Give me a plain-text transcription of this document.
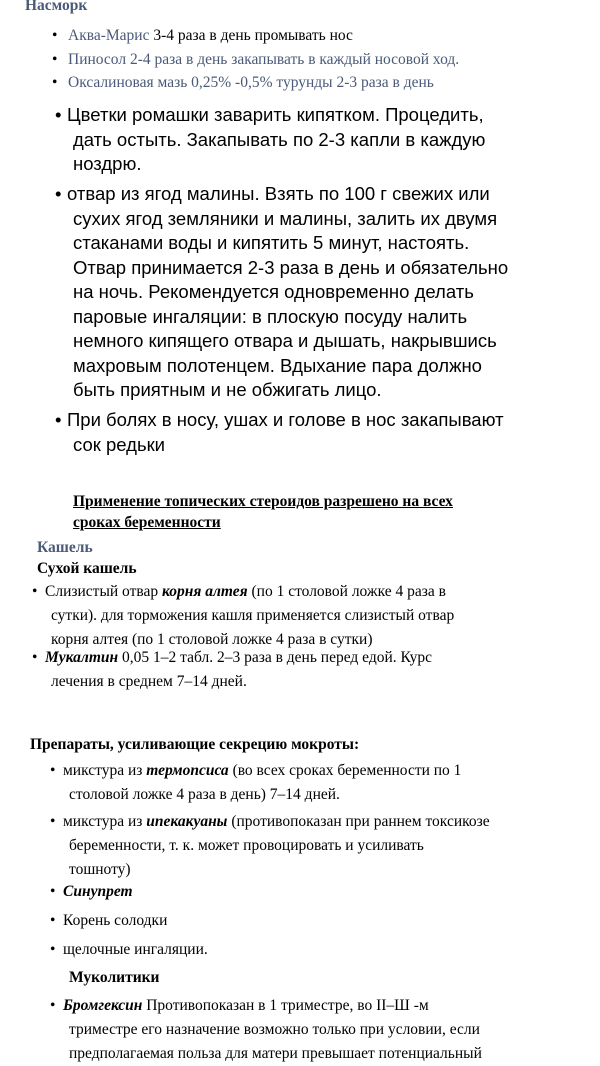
Насморк
• Аква-Марис 3-4 раза в день промывать нос
• Пиносол 2-4 раза в день закапывать в каждый носовой ход.
• Оксалиновая мазь 0,25% -0,5% турунды 2-3 раза в день
• Цветки ромашки заварить кипятком. Процедить,
дать остыть. Закапывать по 2-3 капли в каждую
ноздрю.
• отвар из ягод малины. Взять по 100 г свежих или
сухих ягод земляники и малины, залить их двумя
стаканами воды и кипятить 5 минут, настоять.
Отвар принимается 2-3 раза в день и обязательно
на ночь. Рекомендуется одновременно делать
паровые ингаляции: в плоскую посуду налить
немного кипящего отвара и дышать, накрывшись
махровым полотенцем. Вдыхание пара должно
быть приятным и не обжигать лицо.
• При болях в носу, ушах и голове в нос закапывают
сок редьки
Применение топических стероидов разрешено на всех
сроках беременности
Кашель
Сухой кашель
• Слизистый отвар корня алтея (по 1 столовой ложке 4 раза в
сутки). для торможения кашля применяется слизистый отвар
корня алтея (по 1 столовой ложке 4 раза в сутки)
• Мукалтин 0,05 1–2 табл. 2–3 раза в день перед едой. Курс
лечения в среднем 7–14 дней.
Препараты, усиливающие секрецию мокроты:
• микстура из термопсиса (во всех сроках беременности по 1
столовой ложке 4 раза в день) 7–14 дней.
• микстура из ипекакуаны (противопоказан при раннем токсикозе
беременности, т. к. может провоцировать и усиливать
тошноту)
• Синупрет
• Корень солодки
• щелочные ингаляции.
Муколитики
• Бромгексин Противопоказан в 1 триместре, во II–Ш -м
триместре его назначение возможно только при условии, если
предполагаемая польза для матери превышает потенциальный
